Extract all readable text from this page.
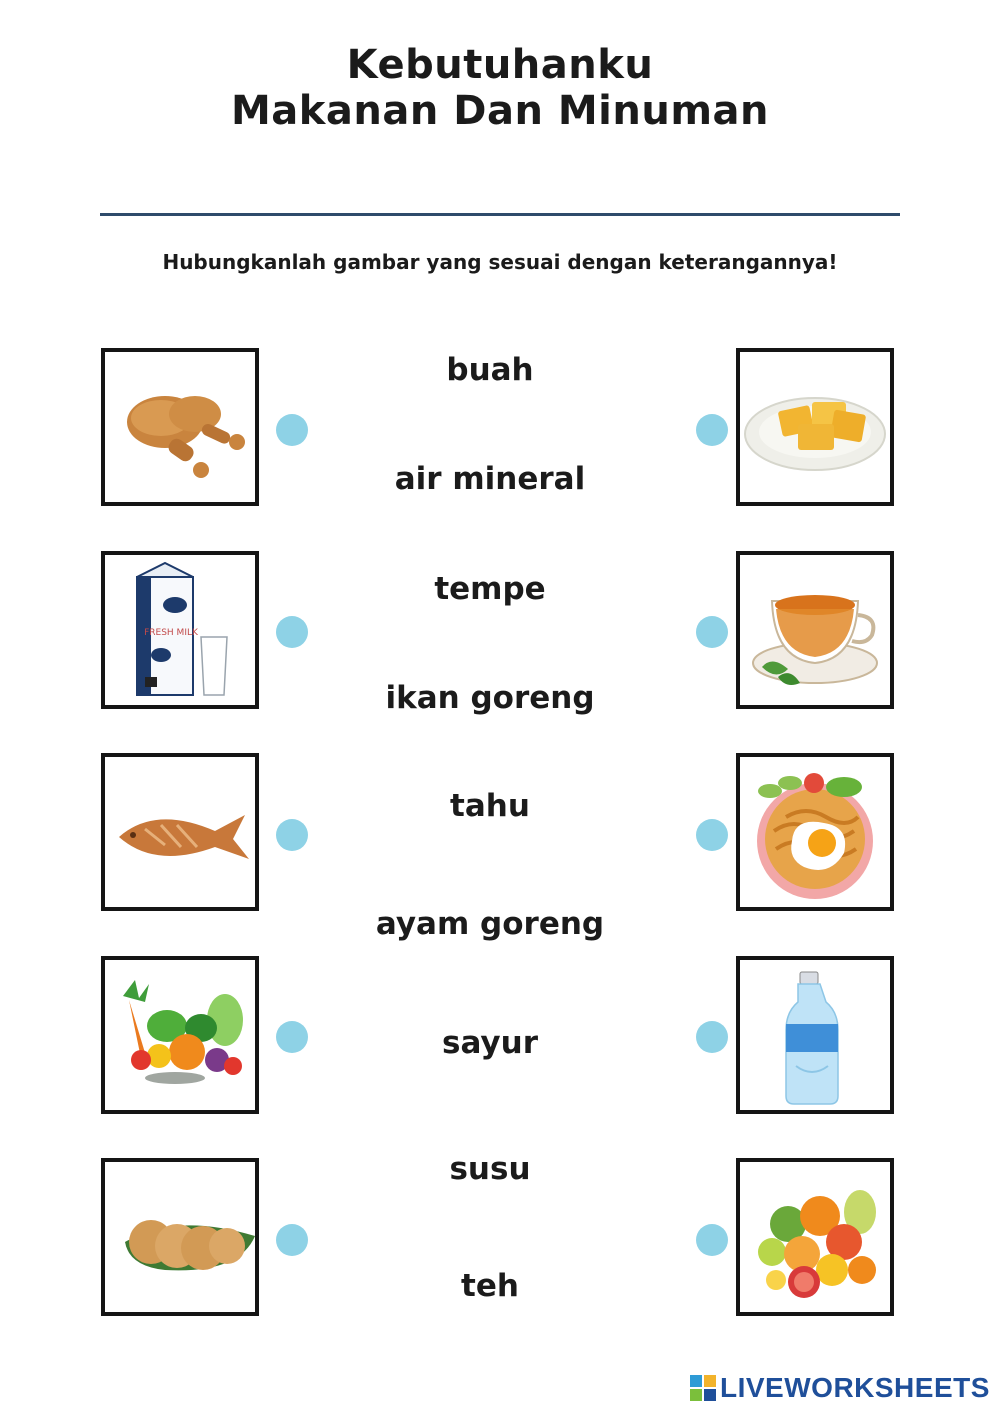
Kebutuhanku
Makanan Dan Minuman
Hubungkanlah gambar yang sesuai dengan keterangannya!
FRESH MILK
buah
air mineral
tempe
ikan goreng
tahu
ayam goreng
sayur
susu
teh
LIVEWORKSHEETS
